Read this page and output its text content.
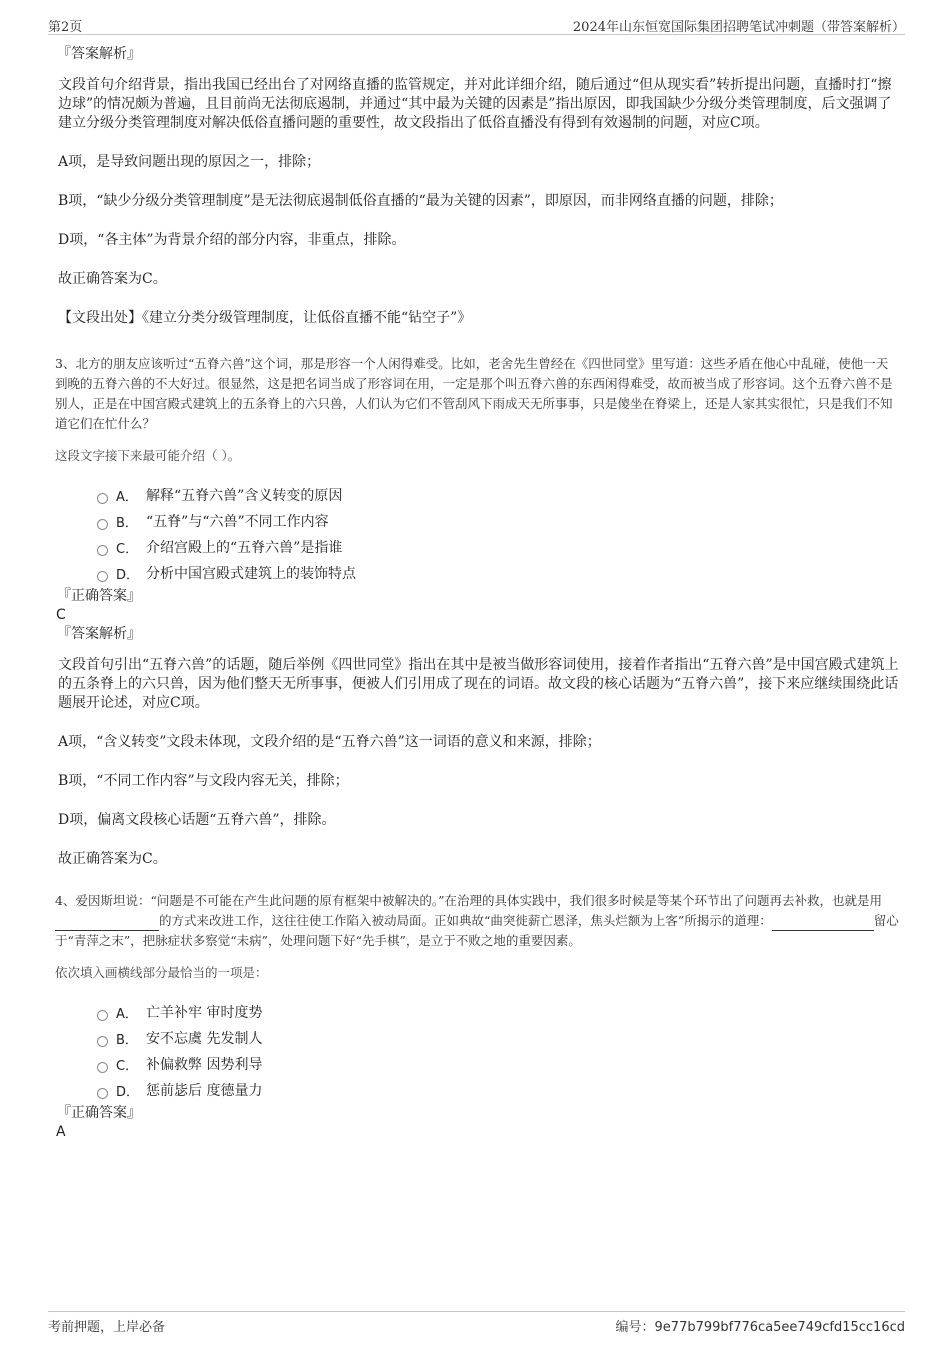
第2页	2024年山东恒宽国际集团招聘笔试冲刺题（带答案解析）
『答案解析』

文段首句介绍背景，指出我国已经出台了对网络直播的监管规定，并对此详细介绍，随后通过“但从现实看”转折提出问题，直播时打“擦边球”的情况颇为普遍，且目前尚无法彻底遏制，并通过“其中最为关键的因素是”指出原因，即我国缺少分级分类管理制度，后文强调了建立分级分类管理制度对解决低俗直播问题的重要性，故文段指出了低俗直播没有得到有效遏制的问题，对应C项。

A项，是导致问题出现的原因之一，排除；

B项，“缺少分级分类管理制度”是无法彻底遏制低俗直播的“最为关键的因素”，即原因，而非网络直播的问题，排除；

D项，“各主体”为背景介绍的部分内容，非重点，排除。

故正确答案为C。

【文段出处】《建立分类分级管理制度，让低俗直播不能“钻空子”》

3、北方的朋友应该听过“五脊六兽”这个词，那是形容一个人闲得难受。比如，老舍先生曾经在《四世同堂》里写道：这些矛盾在他心中乱碰，使他一天到晚的五脊六兽的不大好过。很显然，这是把名词当成了形容词在用，一定是那个叫五脊六兽的东西闲得难受，故而被当成了形容词。这个五脊六兽不是别人，正是在中国宫殿式建筑上的五条脊上的六只兽，人们认为它们不管刮风下雨成天无所事事，只是傻坐在脊梁上，还是人家其实很忙，只是我们不知道它们在忙什么？

这段文字接下来最可能介绍（ ）。

A． 解释“五脊六兽”含义转变的原因
B． “五脊”与“六兽”不同工作内容
C． 介绍宫殿上的“五脊六兽”是指谁
D． 分析中国宫殿式建筑上的装饰特点
『正确答案』
C
『答案解析』

文段首句引出“五脊六兽”的话题，随后举例《四世同堂》指出在其中是被当做形容词使用，接着作者指出“五脊六兽”是中国宫殿式建筑上的五条脊上的六只兽，因为他们整天无所事事，便被人们引用成了现在的词语。故文段的核心话题为“五脊六兽”，接下来应继续围绕此话题展开论述，对应C项。

A项，“含义转变”文段未体现，文段介绍的是“五脊六兽”这一词语的意义和来源，排除；

B项，“不同工作内容”与文段内容无关，排除；

D项，偏离文段核心话题“五脊六兽”，排除。

故正确答案为C。

4、爱因斯坦说：“问题是不可能在产生此问题的原有框架中被解决的。”在治理的具体实践中，我们很多时候是等某个环节出了问题再去补救，也就是用 的方式来改进工作，这往往使工作陷入被动局面。正如典故“曲突徙薪亡恩泽，焦头烂额为上客”所揭示的道理：	留心于“青萍之末”，把脉症状多察觉“未病”，处理问题下好“先手棋”，是立于不败之地的重要因素。

依次填入画横线部分最恰当的一项是：

A． 亡羊补牢 审时度势
B． 安不忘虞 先发制人
C． 补偏救弊 因势利导
D． 惩前毖后 度德量力
『正确答案』
A
考前押题，上岸必备	编号：9e77b799bf776ca5ee749cfd15cc16cd
